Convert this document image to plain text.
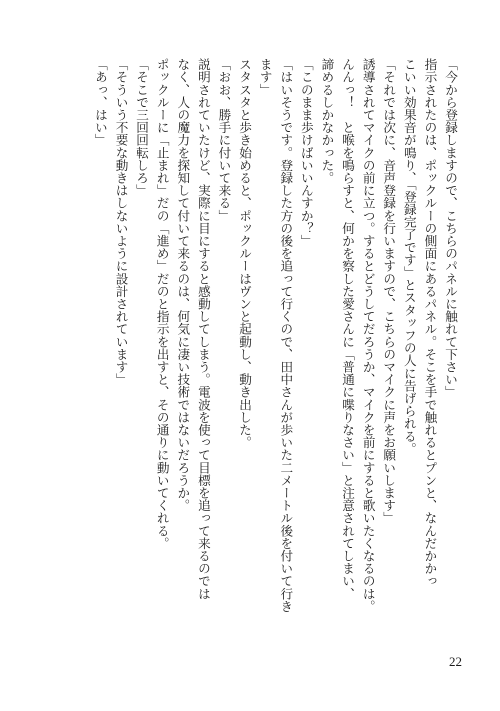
「今から登録しますので、こちらのパネルに触れて下さい」
指示されたのは、ポックルーの側面にあるパネル。そこを手で触れるとプンと、なんだかかっ
こいい効果音が鳴り、「登録完了です」とスタッフの人に告げられる。
「それでは次に、音声登録を行いますので、こちらのマイクに声をお願いします」
誘導されてマイクの前に立つ。するとどうしてだろうか、マイクを前にすると歌いたくなるのは。
んんっ！　と喉を鳴らすと、何かを察した愛さんに「普通に喋りなさい」と注意されてしまい、
諦めるしかなかった。
「このまま歩けばいいんすか？」
「はいそうです。登録した方の後を追って行くので、田中さんが歩いた二メートル後を付いて行き
ます」
スタスタと歩き始めると、ポックルーはヴンと起動し、動き出した。
「おお、勝手に付いて来る」
説明されていたけど、実際に目にすると感動してしまう。電波を使って目標を追って来るのでは
なく、人の魔力を探知して付いて来るのは、何気に凄い技術ではないだろうか。
ポックルーに「止まれ」だの「進め」だのと指示を出すと、その通りに動いてくれる。
「そこで三回回転しろ」
「そういう不要な動きはしないように設計されています」
「あっ、はい」
22
